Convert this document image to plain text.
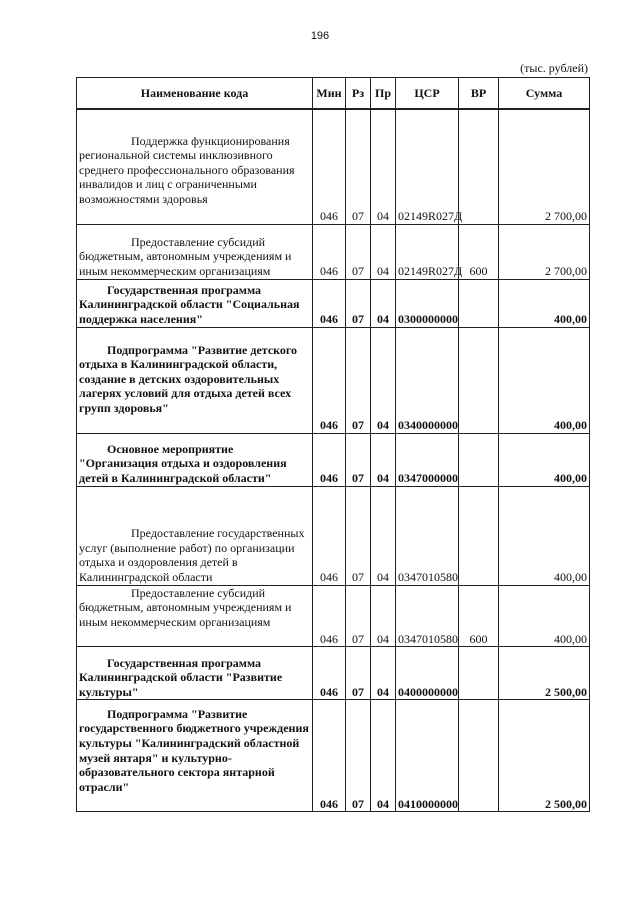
196
(тыс. рублей)
Наименование кода	Мин	Рз	Пр	ЦСР	ВР	Сумма

Поддержка функционирования региональной системы инклюзивного среднего профессионального образования инвалидов и лиц с ограниченными возможностями здоровья	046	07	04	02149R027Д		2 700,00

Предоставление субсидий бюджетным, автономным учреждениям и иным некоммерческим организациям	046	07	04	02149R027Д	600	2 700,00

Государственная программа Калининградской области "Социальная поддержка населения"	046	07	04	0300000000		400,00

Подпрограмма "Развитие детского отдыха в Калининградской области, создание в детских оздоровительных лагерях условий для отдыха детей всех групп здоровья"	046	07	04	0340000000		400,00

Основное мероприятие "Организация отдыха и оздоровления детей в Калининградской области"	046	07	04	0347000000		400,00

Предоставление государственных услуг (выполнение работ) по организации отдыха и оздоровления детей в Калининградской области	046	07	04	0347010580		400,00

Предоставление субсидий бюджетным, автономным учреждениям и иным некоммерческим организациям	046	07	04	0347010580	600	400,00

Государственная программа Калининградской области "Развитие культуры"	046	07	04	0400000000		2 500,00

Подпрограмма "Развитие государственного бюджетного учреждения культуры "Калининградский областной музей янтаря" и культурно-образовательного сектора янтарной отрасли"	046	07	04	0410000000		2 500,00
